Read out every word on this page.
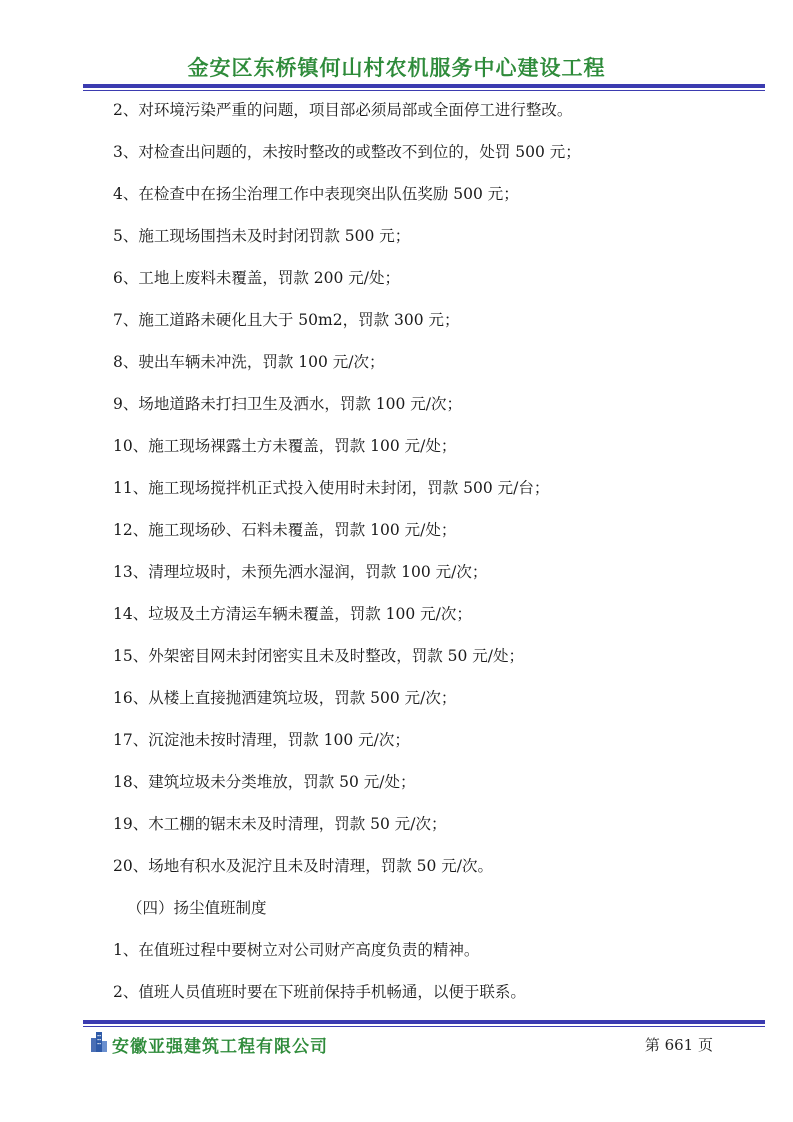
金安区东桥镇何山村农机服务中心建设工程

2、对环境污染严重的问题，项目部必须局部或全面停工进行整改。

3、对检查出问题的，未按时整改的或整改不到位的，处罚 500 元；

4、在检查中在扬尘治理工作中表现突出队伍奖励 500 元；

5、施工现场围挡未及时封闭罚款 500 元；

6、工地上废料未覆盖，罚款 200 元/处；

7、施工道路未硬化且大于 50m2，罚款 300 元；

8、驶出车辆未冲洗，罚款 100 元/次；

9、场地道路未打扫卫生及洒水，罚款 100 元/次；

10、施工现场裸露土方未覆盖，罚款 100 元/处；

11、施工现场搅拌机正式投入使用时未封闭，罚款 500 元/台；

12、施工现场砂、石料未覆盖，罚款 100 元/处；

13、清理垃圾时，未预先洒水湿润，罚款 100 元/次；

14、垃圾及土方清运车辆未覆盖，罚款 100 元/次；

15、外架密目网未封闭密实且未及时整改，罚款 50 元/处；

16、从楼上直接抛洒建筑垃圾，罚款 500 元/次；

17、沉淀池未按时清理，罚款 100 元/次；

18、建筑垃圾未分类堆放，罚款 50 元/处；

19、木工棚的锯末未及时清理，罚款 50 元/次；

20、场地有积水及泥泞且未及时清理，罚款 50 元/次。

（四）扬尘值班制度

1、在值班过程中要树立对公司财产高度负责的精神。

2、值班人员值班时要在下班前保持手机畅通，以便于联系。

安徽亚强建筑工程有限公司	第 661 页
